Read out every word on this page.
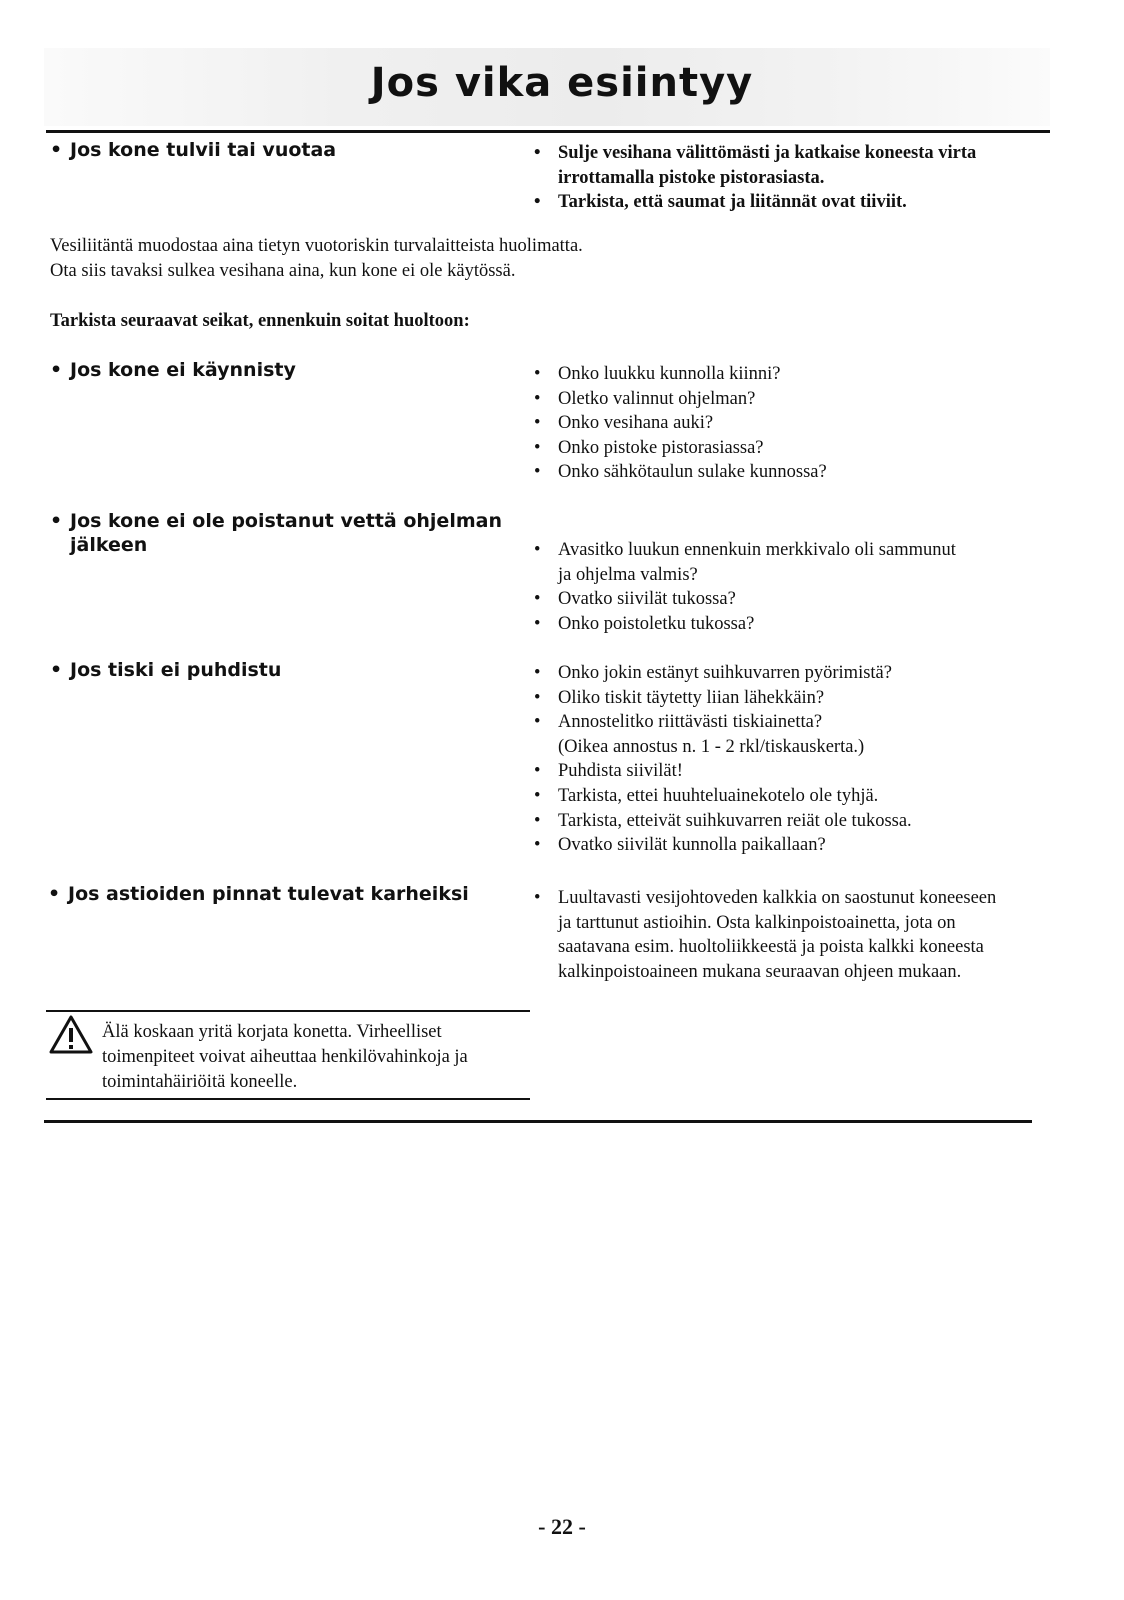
Jos vika esiintyy
• Jos kone tulvii tai vuotaa	• Sulje vesihana välittömästi ja katkaise koneesta virta
irrottamalla pistoke pistorasiasta.
• Tarkista, että saumat ja liitännät ovat tiiviit.
Vesiliitäntä muodostaa aina tietyn vuotoriskin turvalaitteista huolimatta.
Ota siis tavaksi sulkea vesihana aina, kun kone ei ole käytössä.
Tarkista seuraavat seikat, ennenkuin soitat huoltoon:
• Jos kone ei käynnisty	• Onko luukku kunnolla kiinni?
• Oletko valinnut ohjelman?
• Onko vesihana auki?
• Onko pistoke pistorasiassa?
• Onko sähkötaulun sulake kunnossa?
• Jos kone ei ole poistanut vettä ohjelman
jälkeen	• Avasitko luukun ennenkuin merkkivalo oli sammunut
ja ohjelma valmis?
• Ovatko siivilät tukossa?
• Onko poistoletku tukossa?
• Jos tiski ei puhdistu	• Onko jokin estänyt suihkuvarren pyörimistä?
• Oliko tiskit täytetty liian lähekkäin?
• Annostelitko riittävästi tiskiainetta?
(Oikea annostus n. 1 - 2 rkl/tiskauskerta.)
• Puhdista siivilät!
• Tarkista, ettei huuhteluainekotelo ole tyhjä.
• Tarkista, etteivät suihkuvarren reiät ole tukossa.
• Ovatko siivilät kunnolla paikallaan?
• Jos astioiden pinnat tulevat karheiksi	• Luultavasti vesijohtoveden kalkkia on saostunut koneeseen
ja tarttunut astioihin. Osta kalkinpoistoainetta, jota on
saatavana esim. huoltoliikkeestä ja poista kalkki koneesta
kalkinpoistoaineen mukana seuraavan ohjeen mukaan.
Älä koskaan yritä korjata konetta. Virheelliset
toimenpiteet voivat aiheuttaa henkilövahinkoja ja
toimintahäiriöitä koneelle.
- 22 -
